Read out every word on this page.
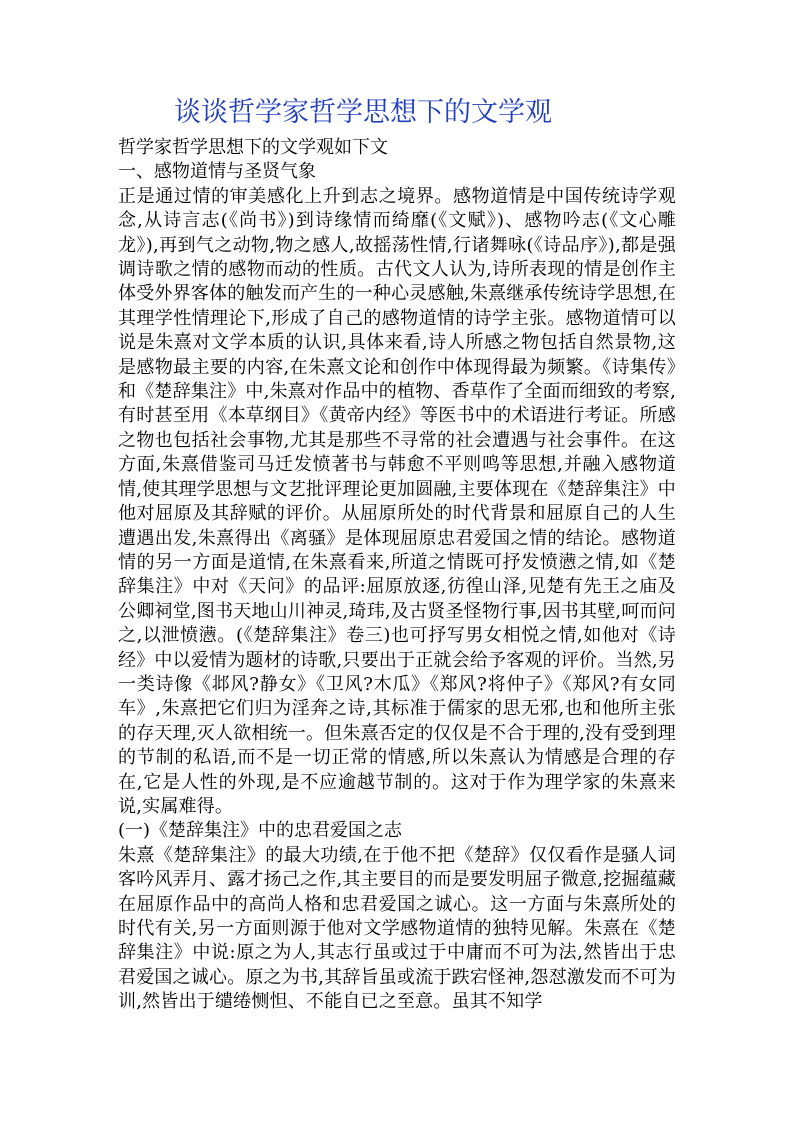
谈谈哲学家哲学思想下的文学观

哲学家哲学思想下的文学观如下文

一、感物道情与圣贤气象

正是通过情的审美感化上升到志之境界。感物道情是中国传统诗学观念,从诗言志(《尚书》)到诗缘情而绮靡(《文赋》)、感物吟志(《文心雕龙》),再到气之动物,物之感人,故摇荡性情,行诸舞咏(《诗品序》),都是强调诗歌之情的感物而动的性质。古代文人认为,诗所表现的情是创作主体受外界客体的触发而产生的一种心灵感触,朱熹继承传统诗学思想,在其理学性情理论下,形成了自己的感物道情的诗学主张。感物道情可以说是朱熹对文学本质的认识,具体来看,诗人所感之物包括自然景物,这是感物最主要的内容,在朱熹文论和创作中体现得最为频繁。《诗集传》和《楚辞集注》中,朱熹对作品中的植物、香草作了全面而细致的考察,有时甚至用《本草纲目》《黄帝内经》等医书中的术语进行考证。所感之物也包括社会事物,尤其是那些不寻常的社会遭遇与社会事件。在这方面,朱熹借鉴司马迁发愤著书与韩愈不平则鸣等思想,并融入感物道情,使其理学思想与文艺批评理论更加圆融,主要体现在《楚辞集注》中他对屈原及其辞赋的评价。从屈原所处的时代背景和屈原自己的人生遭遇出发,朱熹得出《离骚》是体现屈原忠君爱国之情的结论。感物道情的另一方面是道情,在朱熹看来,所道之情既可抒发愤懑之情,如《楚辞集注》中对《天问》的品评:屈原放逐,彷徨山泽,见楚有先王之庙及公卿祠堂,图书天地山川神灵,琦玮,及古贤圣怪物行事,因书其壁,呵而问之,以泄愤懑。(《楚辞集注》卷三)也可抒写男女相悦之情,如他对《诗经》中以爱情为题材的诗歌,只要出于正就会给予客观的评价。当然,另一类诗像《邶风?静女》《卫风?木瓜》《郑风?将仲子》《郑风?有女同车》,朱熹把它们归为淫奔之诗,其标准于儒家的思无邪,也和他所主张的存天理,灭人欲相统一。但朱熹否定的仅仅是不合于理的,没有受到理的节制的私语,而不是一切正常的情感,所以朱熹认为情感是合理的存在,它是人性的外现,是不应逾越节制的。这对于作为理学家的朱熹来说,实属难得。

(一)《楚辞集注》中的忠君爱国之志

朱熹《楚辞集注》的最大功绩,在于他不把《楚辞》仅仅看作是骚人词客吟风弄月、露才扬己之作,其主要目的而是要发明屈子微意,挖掘蕴藏在屈原作品中的高尚人格和忠君爱国之诚心。这一方面与朱熹所处的时代有关,另一方面则源于他对文学感物道情的独特见解。朱熹在《楚辞集注》中说:原之为人,其志行虽或过于中庸而不可为法,然皆出于忠君爱国之诚心。原之为书,其辞旨虽或流于跌宕怪神,怨怼激发而不可为训,然皆出于缱绻恻怛、不能自已之至意。虽其不知学
